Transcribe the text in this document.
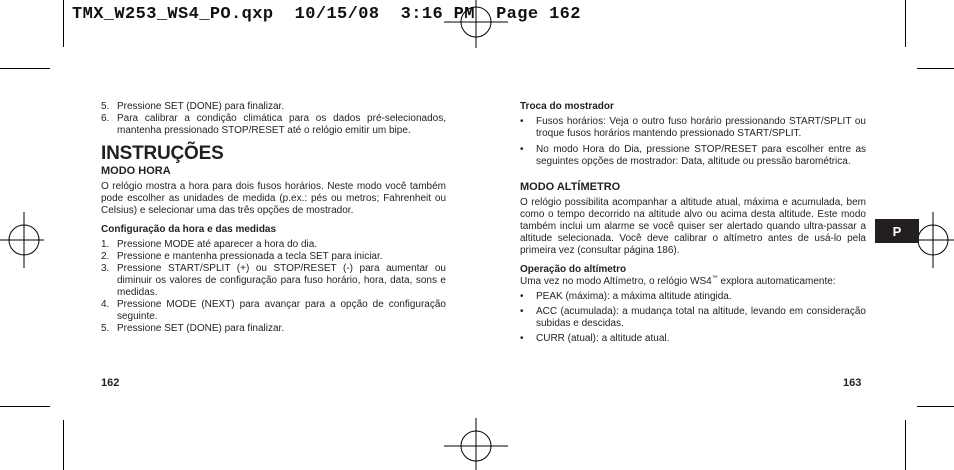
TMX_W253_WS4_PO.qxp  10/15/08  3:16 PM  Page 162
5. Pressione SET (DONE) para finalizar.
6. Para calibrar a condição climática para os dados pré-selecionados, mantenha pressionado STOP/RESET até o relógio emitir um bipe.
INSTRUÇÕES
MODO HORA
O relógio mostra a hora para dois fusos horários. Neste modo você também pode escolher as unidades de medida (p.ex.: pés ou metros; Fahrenheit ou Celsius) e selecionar uma das três opções de mostrador.
Configuração da hora e das medidas
1. Pressione MODE até aparecer a hora do dia.
2. Pressione e mantenha pressionada a tecla SET para iniciar.
3. Pressione START/SPLIT (+) ou STOP/RESET (-) para aumentar ou diminuir os valores de configuração para fuso horário, hora, data, sons e medidas.
4. Pressione MODE (NEXT) para avançar para a opção de configuração seguinte.
5. Pressione SET (DONE) para finalizar.
162
Troca do mostrador
• Fusos horários: Veja o outro fuso horário pressionando START/SPLIT ou troque fusos horários mantendo pressionado START/SPLIT.
• No modo Hora do Dia, pressione STOP/RESET para escolher entre as seguintes opções de mostrador: Data, altitude ou pressão barométrica.
MODO ALTÍMETRO
O relógio possibilita acompanhar a altitude atual, máxima e acumulada, bem como o tempo decorrido na altitude alvo ou acima desta altitude. Este modo também inclui um alarme se você quiser ser alertado quando ultra-passar a altitude selecionada. Você deve calibrar o altímetro antes de usá-lo pela primeira vez (consultar página 186).
Operação do altímetro
Uma vez no modo Altímetro, o relógio WS4™ explora automaticamente:
• PEAK (máxima): a máxima altitude atingida.
• ACC (acumulada): a mudança total na altitude, levando em consideração subidas e descidas.
• CURR (atual): a altitude atual.
163
P
